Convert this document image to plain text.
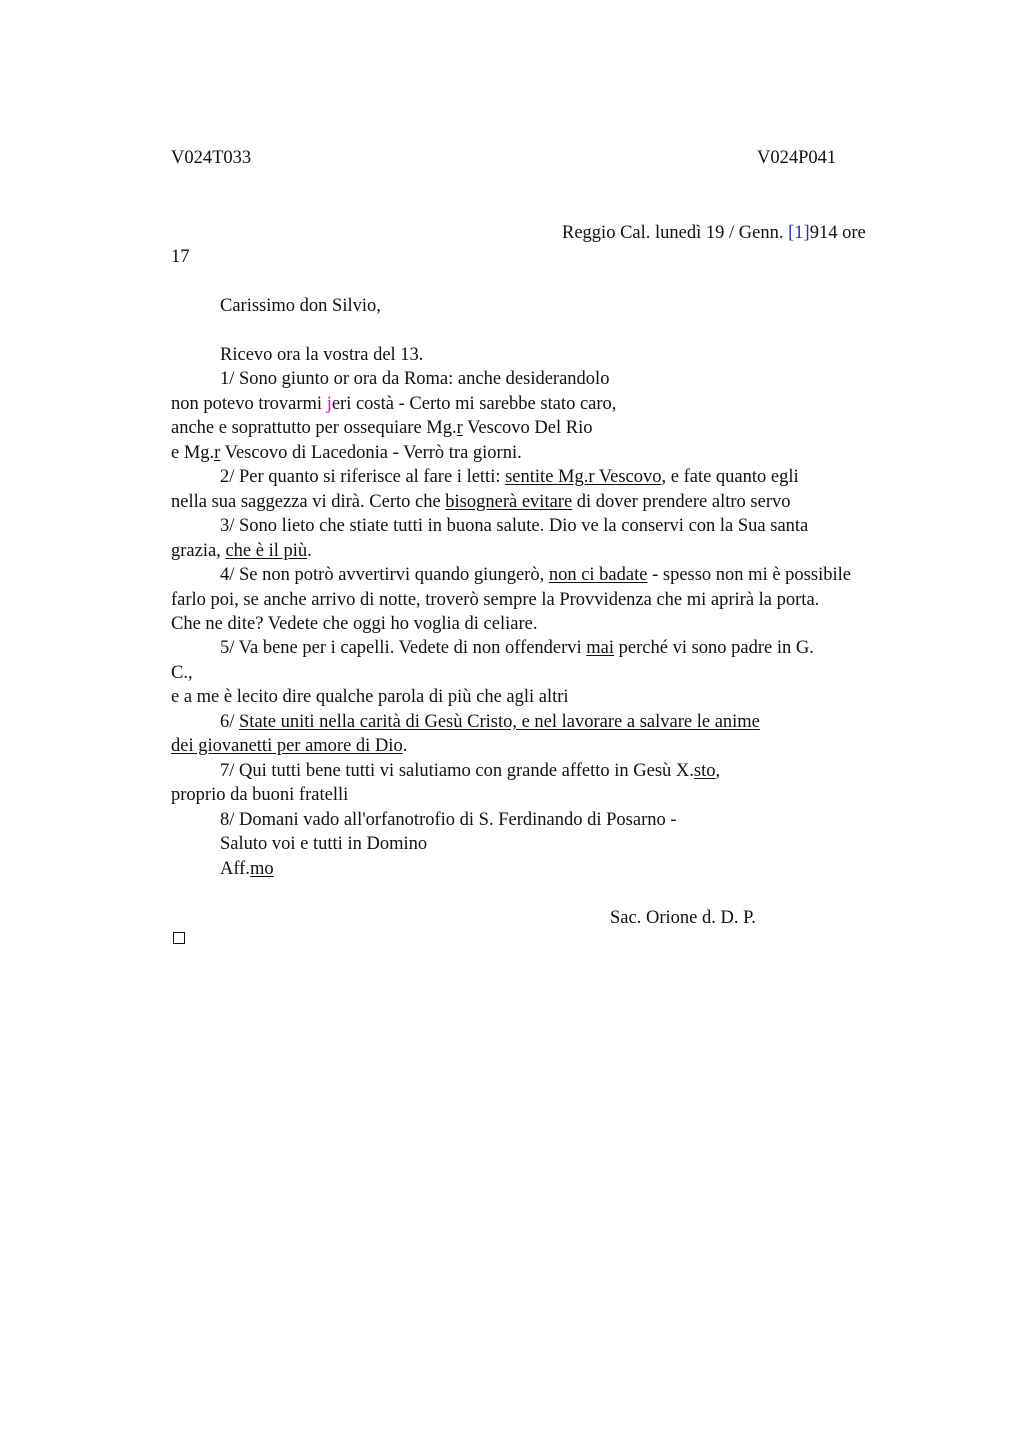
V024T033	V024P041
Reggio Cal. lunedì 19 / Genn. [1]914 ore
17
Carissimo don Silvio,
Ricevo ora la vostra del 13.
1/ Sono giunto or ora da Roma: anche desiderandolo
non potevo trovarmi jeri costà - Certo mi sarebbe stato caro,
anche e soprattutto per ossequiare Mg.r Vescovo Del Rio
e Mg.r Vescovo di Lacedonia - Verrò tra giorni.
2/ Per quanto si riferisce al fare i letti: sentite Mg.r Vescovo, e fate quanto egli
nella sua saggezza vi dirà. Certo che bisognerà evitare di dover prendere altro servo
3/ Sono lieto che stiate tutti in buona salute. Dio ve la conservi con la Sua santa
grazia, che è il più.
4/ Se non potrò avvertirvi quando giungerò, non ci badate - spesso non mi è possibile
farlo poi, se anche arrivo di notte, troverò sempre la Provvidenza che mi aprirà la porta.
Che ne dite? Vedete che oggi ho voglia di celiare.
5/ Va bene per i capelli. Vedete di non offendervi mai perché vi sono padre in G.
C.,
e a me è lecito dire qualche parola di più che agli altri
6/ State uniti nella carità di Gesù Cristo, e nel lavorare a salvare le anime
dei giovanetti per amore di Dio.
7/ Qui tutti bene tutti vi salutiamo con grande affetto in Gesù X.sto,
proprio da buoni fratelli
8/ Domani vado all'orfanotrofio di S. Ferdinando di Posarno -
Saluto voi e tutti in Domino
Aff.mo
Sac. Orione d. D. P.
